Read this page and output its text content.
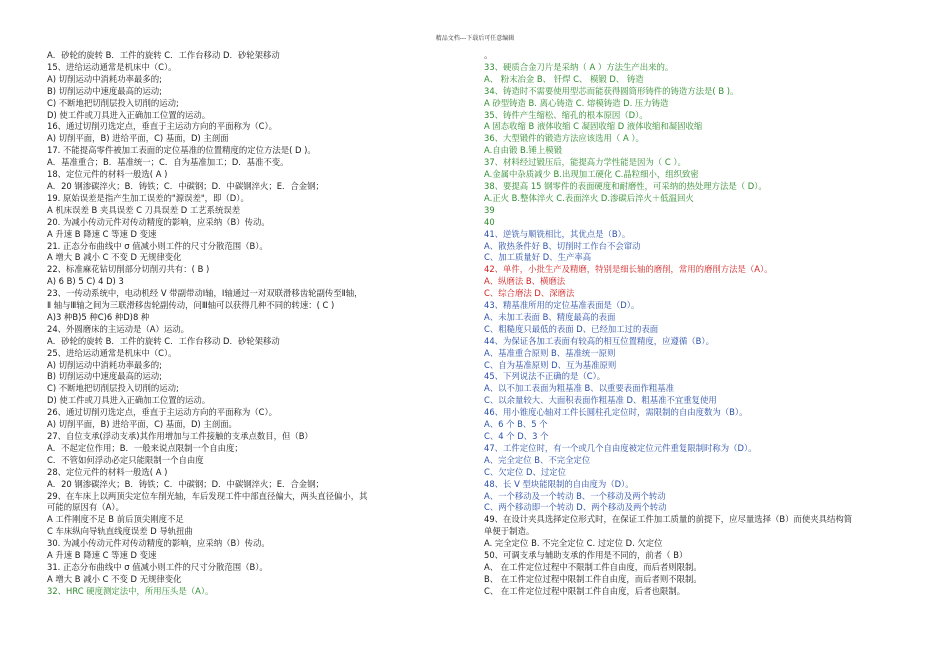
精品文档---下载后可任意编辑
A．砂轮的旋转 B．工件的旋转 C．工作台移动 D．砂轮架移动
15、进给运动通常是机床中（C）。
A) 切削运动中消耗功率最多的;
B) 切削运动中速度最高的运动;
C) 不断地把切削层投入切削的运动;
D) 使工件或刀具进入正确加工位置的运动。
16、通过切削刃选定点，垂直于主运动方向的平面称为（C）。
A) 切削平面，B) 进给平面，C) 基面，D) 主剖面
17. 不能提高零件被加工表面的定位基准的位置精度的定位方法是( D )。
A．基准重合；B．基准统一；C．自为基准加工；D．基准不变。
18、定位元件的材料一般选( A )
A．20 钢渗碳淬火；B．铸铁；C．中碳钢；D．中碳钢淬火；E．合金钢；
19. 原始误差是指产生加工误差的"源误差"，即（D）。
A 机床误差 B 夹具误差 C 刀具误差 D 工艺系统误差
20. 为减小传动元件对传动精度的影响，应采纳（B）传动。
A 升速 B 降速 C 等速 D 变速
21. 正态分布曲线中 σ 值减小则工件的尺寸分散范围（B）。
A 增大 B 减小 C 不变 D 无规律变化
22、标准麻花钻切削部分切削刃共有：( B )
A) 6 B) 5 C) 4 D) 3
23、一传动系统中，电动机经 V 带副带动Ⅰ轴，Ⅰ轴通过一对双联滑移齿轮副传至Ⅱ轴，
Ⅱ 轴与Ⅲ轴之间为三联滑移齿轮副传动，问Ⅲ轴可以获得几种不同的转速：( C )
A)3 种B)5 种C)6 种D)8 种
24、外圆磨床的主运动是（A）运动。
A．砂轮的旋转 B．工件的旋转 C．工作台移动 D．砂轮架移动
25、进给运动通常是机床中（C）。
A) 切削运动中消耗功率最多的;
B) 切削运动中速度最高的运动;
C) 不断地把切削层投入切削的运动;
D) 使工件或刀具进入正确加工位置的运动。
26、通过切削刃选定点，垂直于主运动方向的平面称为（C）。
A) 切削平面，B) 进给平面，C) 基面，D) 主剖面。
27、自位支承(浮动支承)其作用增加与工件接触的支承点数目，但（B）
A．不起定位作用；B．一般来说点限制一个自由度；
C．不管如何浮动必定只能限制一个自由度
28、定位元件的材料一般选( A )
A．20 钢渗碳淬火；B．铸铁；C．中碳钢；D．中碳钢淬火；E．合金钢；
29、在车床上以两顶尖定位车削光轴，车后发现工件中部直径偏大，两头直径偏小，其
可能的原因有（A）。
A 工件刚度不足 B 前后顶尖刚度不足
C 车床纵向导轨直线度误差 D 导轨扭曲
30. 为减小传动元件对传动精度的影响，应采纳（B）传动。
A 升速 B 降速 C 等速 D 变速
31. 正态分布曲线中 σ 值减小则工件的尺寸分散范围（B）。
A 增大 B 减小 C 不变 D 无规律变化
32、HRC 硬度测定法中，所用压头是（A）。
。
33、硬质合金刀片是采纳（ A ）方法生产出来的。
A、 粉末冶金 B、 钎焊 C、 模锻 D、 铸造
34、铸造时不需要使用型芯而能获得圆筒形铸件的铸造方法是( B )。
A 砂型铸造 B. 离心铸造 C. 熔模铸造 D. 压力铸造
35、铸件产生缩松、缩孔的根本原因（D）。
A 固态收缩 B 液体收缩 C 凝固收缩 D 液体收缩和凝固收缩
36、大型锻件的锻造方法应该选用（ A ）。
A.自由锻 B.锤上模锻
37、材料经过锻压后，能提高力学性能是因为（ C ）。
A.金属中杂质减少 B.出现加工硬化 C.晶粒细小，组织致密
38、要提高 15 钢零件的表面硬度和耐磨性，可采纳的热处理方法是（ D）。
A.正火 B.整体淬火 C.表面淬火 D.渗碳后淬火＋低温回火
39
40
41、逆铣与顺铣相比，其优点是（B）。
A、散热条件好 B、切削时工作台不会窜动
C、加工质量好 D、生产率高
42、单件，小批生产及精磨，特别是细长轴的磨削，常用的磨削方法是（A）。
A、纵磨法 B、横磨法
C、综合磨法 D、深磨法
43、精基准所用的定位基准表面是（D）。
A、未加工表面 B、精度最高的表面
C、粗糙度只最低的表面 D、已经加工过的表面
44、为保证各加工表面有较高的相互位置精度，应遵循（B）。
A、基准重合原则 B、基准统一原则
C、自为基准原则 D、互为基准原则
45、下列说法不正确的是（C）。
A、以不加工表面为粗基准 B、以重要表面作粗基准
C、以余量较大、大面积表面作粗基准 D、粗基准不宜重复使用
46、用小锥度心轴对工件长圆柱孔定位时，需限制的自由度数为（B）。
A、6 个 B、5 个
C、4 个 D、3 个
47、工件定位时，有一个或几个自由度被定位元件重复限制时称为（D）。
A、完全定位 B、不完全定位
C、欠定位 D、过定位
48、长 V 型块能限制的自由度为（D）。
A、一个移动及一个转动 B、一个移动及两个转动
C、两个移动即一个转动 D、两个移动及两个转动
49、在设计夹具选择定位形式时，在保证工件加工质量的前提下，应尽量选择（B）而使夹具结构简
单便于制造。
A. 完全定位 B. 不完全定位 C. 过定位 D. 欠定位
50、可调支承与辅助支承的作用是不同的，前者（ B）
A、 在工件定位过程中不限制工件自由度，而后者则限制。
B、 在工件定位过程中限制工件自由度，而后者则不限制。
C、 在工件定位过程中限制工件自由度，后者也限制。
